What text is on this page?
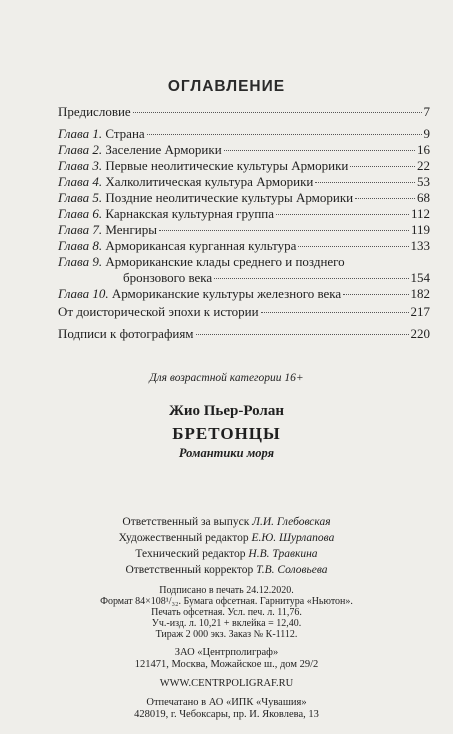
ОГЛАВЛЕНИЕ
Предисловие	7
Глава 1. Страна	9
Глава 2. Заселение Арморики	16
Глава 3. Первые неолитические культуры Арморики	22
Глава 4. Халколитическая культура Арморики	53
Глава 5. Поздние неолитические культуры Арморики	68
Глава 6. Карнакская культурная группа	112
Глава 7. Менгиры	119
Глава 8. Арморикансая курганная культура	133
Глава 9. Армориканские клады среднего и позднего
бронзового века	154
Глава 10. Армориканские культуры железного века	182
От доисторической эпохи к истории	217
Подписи к фотографиям	220
Для возрастной категории 16+
Жио Пьер-Ролан
БРЕТОНЦЫ
Романтики моря
Ответственный за выпуск Л.И. Глебовская
Художественный редактор Е.Ю. Шурлапова
Технический редактор Н.В. Травкина
Ответственный корректор Т.В. Соловьева
Подписано в печать 24.12.2020.
Формат 84×108¹/₃₂. Бумага офсетная. Гарнитура «Ньютон».
Печать офсетная. Усл. печ. л. 11,76.
Уч.-изд. л. 10,21 + вклейка = 12,40.
Тираж 2 000 экз. Заказ № К-1112.
ЗАО «Центрполиграф»
121471, Москва, Можайское ш., дом 29/2
WWW.CENTRPOLIGRAF.RU
Отпечатано в АО «ИПК «Чувашия»
428019, г. Чебоксары, пр. И. Яковлева, 13
